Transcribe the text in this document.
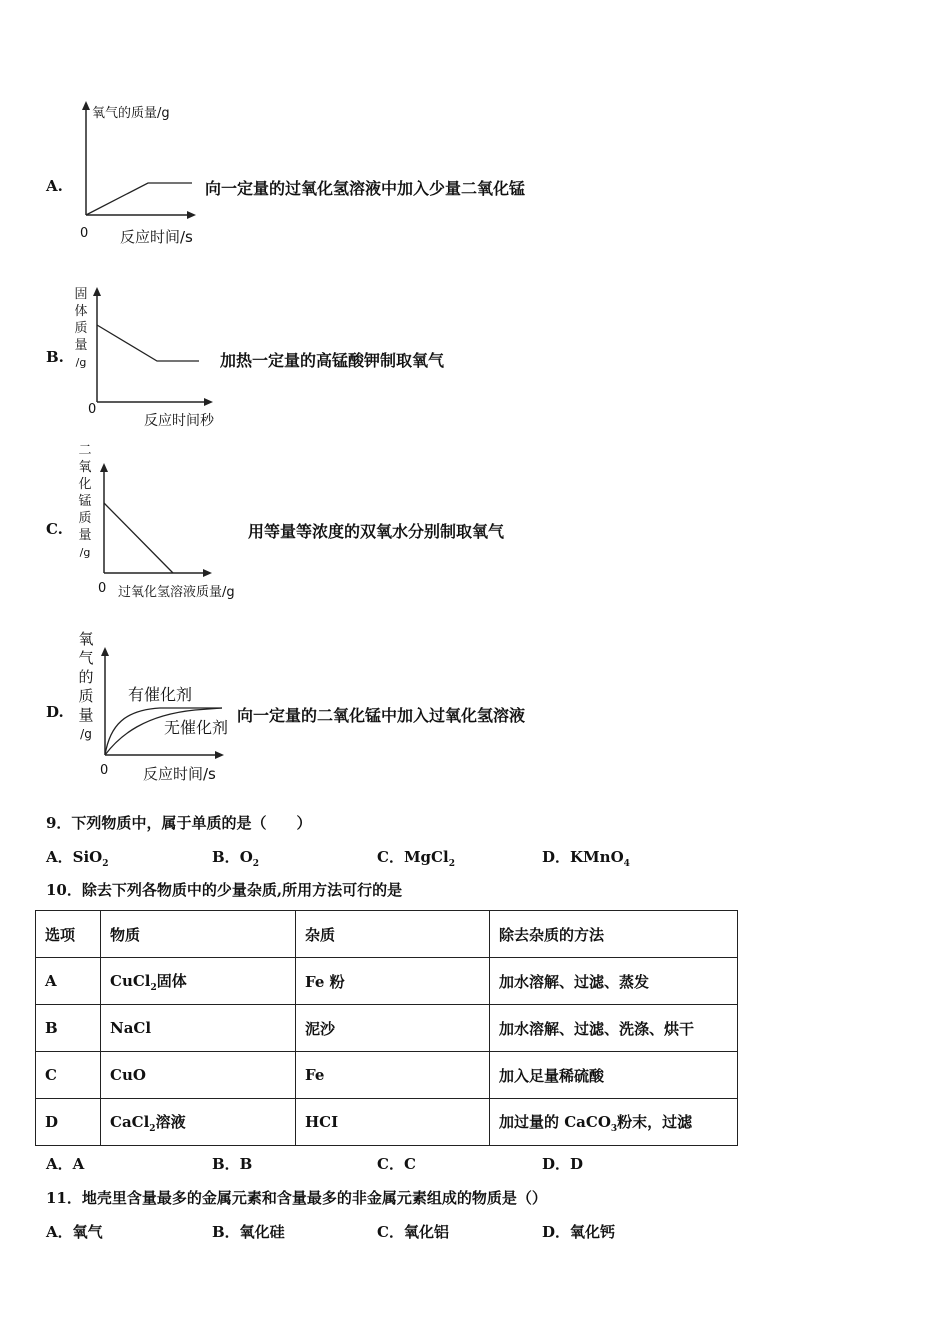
A.
氧气的质量/g
0 反应时间/s
向一定量的过氧化氢溶液中加入少量二氧化锰
B.
固
体
质
量
/g
0
反应时间秒
加热一定量的高锰酸钾制取氧气
C.
二
氧
化
锰
质
量
/g
0 过氧化氢溶液质量/g
用等量等浓度的双氧水分别制取氧气
D.
氧
气
的
质
量
/g
0 反应时间/s
有催化剂
无催化剂
向一定量的二氧化锰中加入过氧化氢溶液
9．下列物质中，属于单质的是（　　）
A．SiO$_2$	B．$O_2$	C．MgCl$_2$	D．KMnO$_4$
10．除去下列各物质中的少量杂质,所用方法可行的是
选项	物质	杂质	除去杂质的方法
A	CuCl$_2$固体	Fe 粉	加水溶解、过滤、蒸发
B	NaCl	泥沙	加水溶解、过滤、洗涤、烘干
C	CuO	Fe	加入足量稀硫酸
D	CaCl$_2$溶液	HCI	加过量的 CaCO$_3$粉末，过滤
A．A	B．B	C．C	D．D
11．地壳里含量最多的金属元素和含量最多的非金属元素组成的物质是（）
A．氧气	B．氧化硅	C．氧化铝	D．氧化钙
